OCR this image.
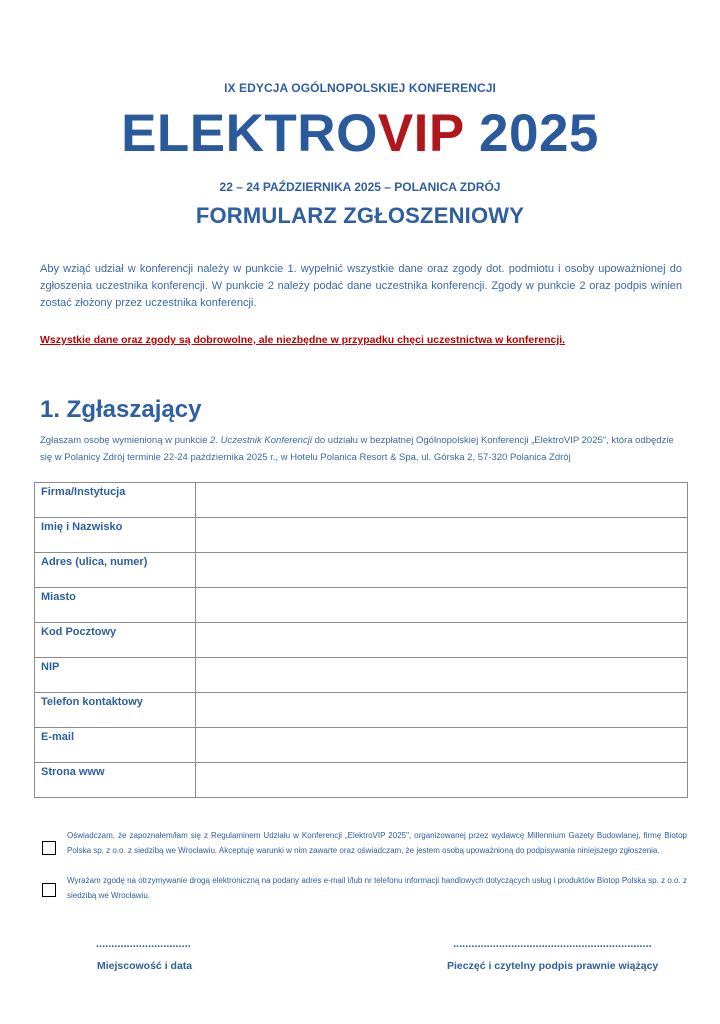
IX EDYCJA OGÓLNOPOLSKIEJ KONFERENCJI
ELEKTROVIP 2025
22 – 24 PAŹDZIERNIKA 2025 – POLANICA ZDRÓJ
FORMULARZ ZGŁOSZENIOWY
Aby wziąć udział w konferencji należy w punkcie 1. wypełnić wszystkie dane oraz zgody dot. podmiotu i osoby upoważnionej do zgłoszenia uczestnika konferencji. W punkcie 2 należy podać dane uczestnika konferencji. Zgody w punkcie 2 oraz podpis winien zostać złożony przez uczestnika konferencji.
Wszystkie dane oraz zgody są dobrowolne, ale niezbędne w przypadku chęci uczestnictwa w konferencji.
1. Zgłaszający
Zgłaszam osobę wymienioną w punkcie 2. Uczestnik Konferencji do udziału w bezpłatnej Ogólnopolskiej Konferencji „ElektroVIP 2025", która odbędzie się w Polanicy Zdrój terminie 22-24 października 2025 r., w Hotelu Polanica Resort & Spa, ul. Górska 2, 57-320 Polanica Zdrój
Firma/Instytucja	
Imię i Nazwisko	
Adres (ulica, numer)	
Miasto	
Kod Pocztowy	
NIP	
Telefon kontaktowy	
E-mail	
Strona www	
Oświadczam, że zapoznałem/łam się z Regulaminem Udziału w Konferencji „ElektroVIP 2025", organizowanej przez wydawcę Millennium Gazety Budowlanej, firmę Biotop Polska sp. z o.o. z siedzibą we Wrocławiu. Akceptuję warunki w nim zawarte oraz oświadczam, że jestem osobą upoważnioną do podpisywania niniejszego zgłoszenia.
Wyrażam zgodę na otrzymywanie drogą elektroniczną na podany adres e-mail i/lub nr telefonu informacji handlowych dotyczących usług i produktów Biotop Polska sp. z o.o. z siedzibą we Wrocławiu.
...............................	.................................................................
Miejscowość i data	Pieczęć i czytelny podpis prawnie wiążący
